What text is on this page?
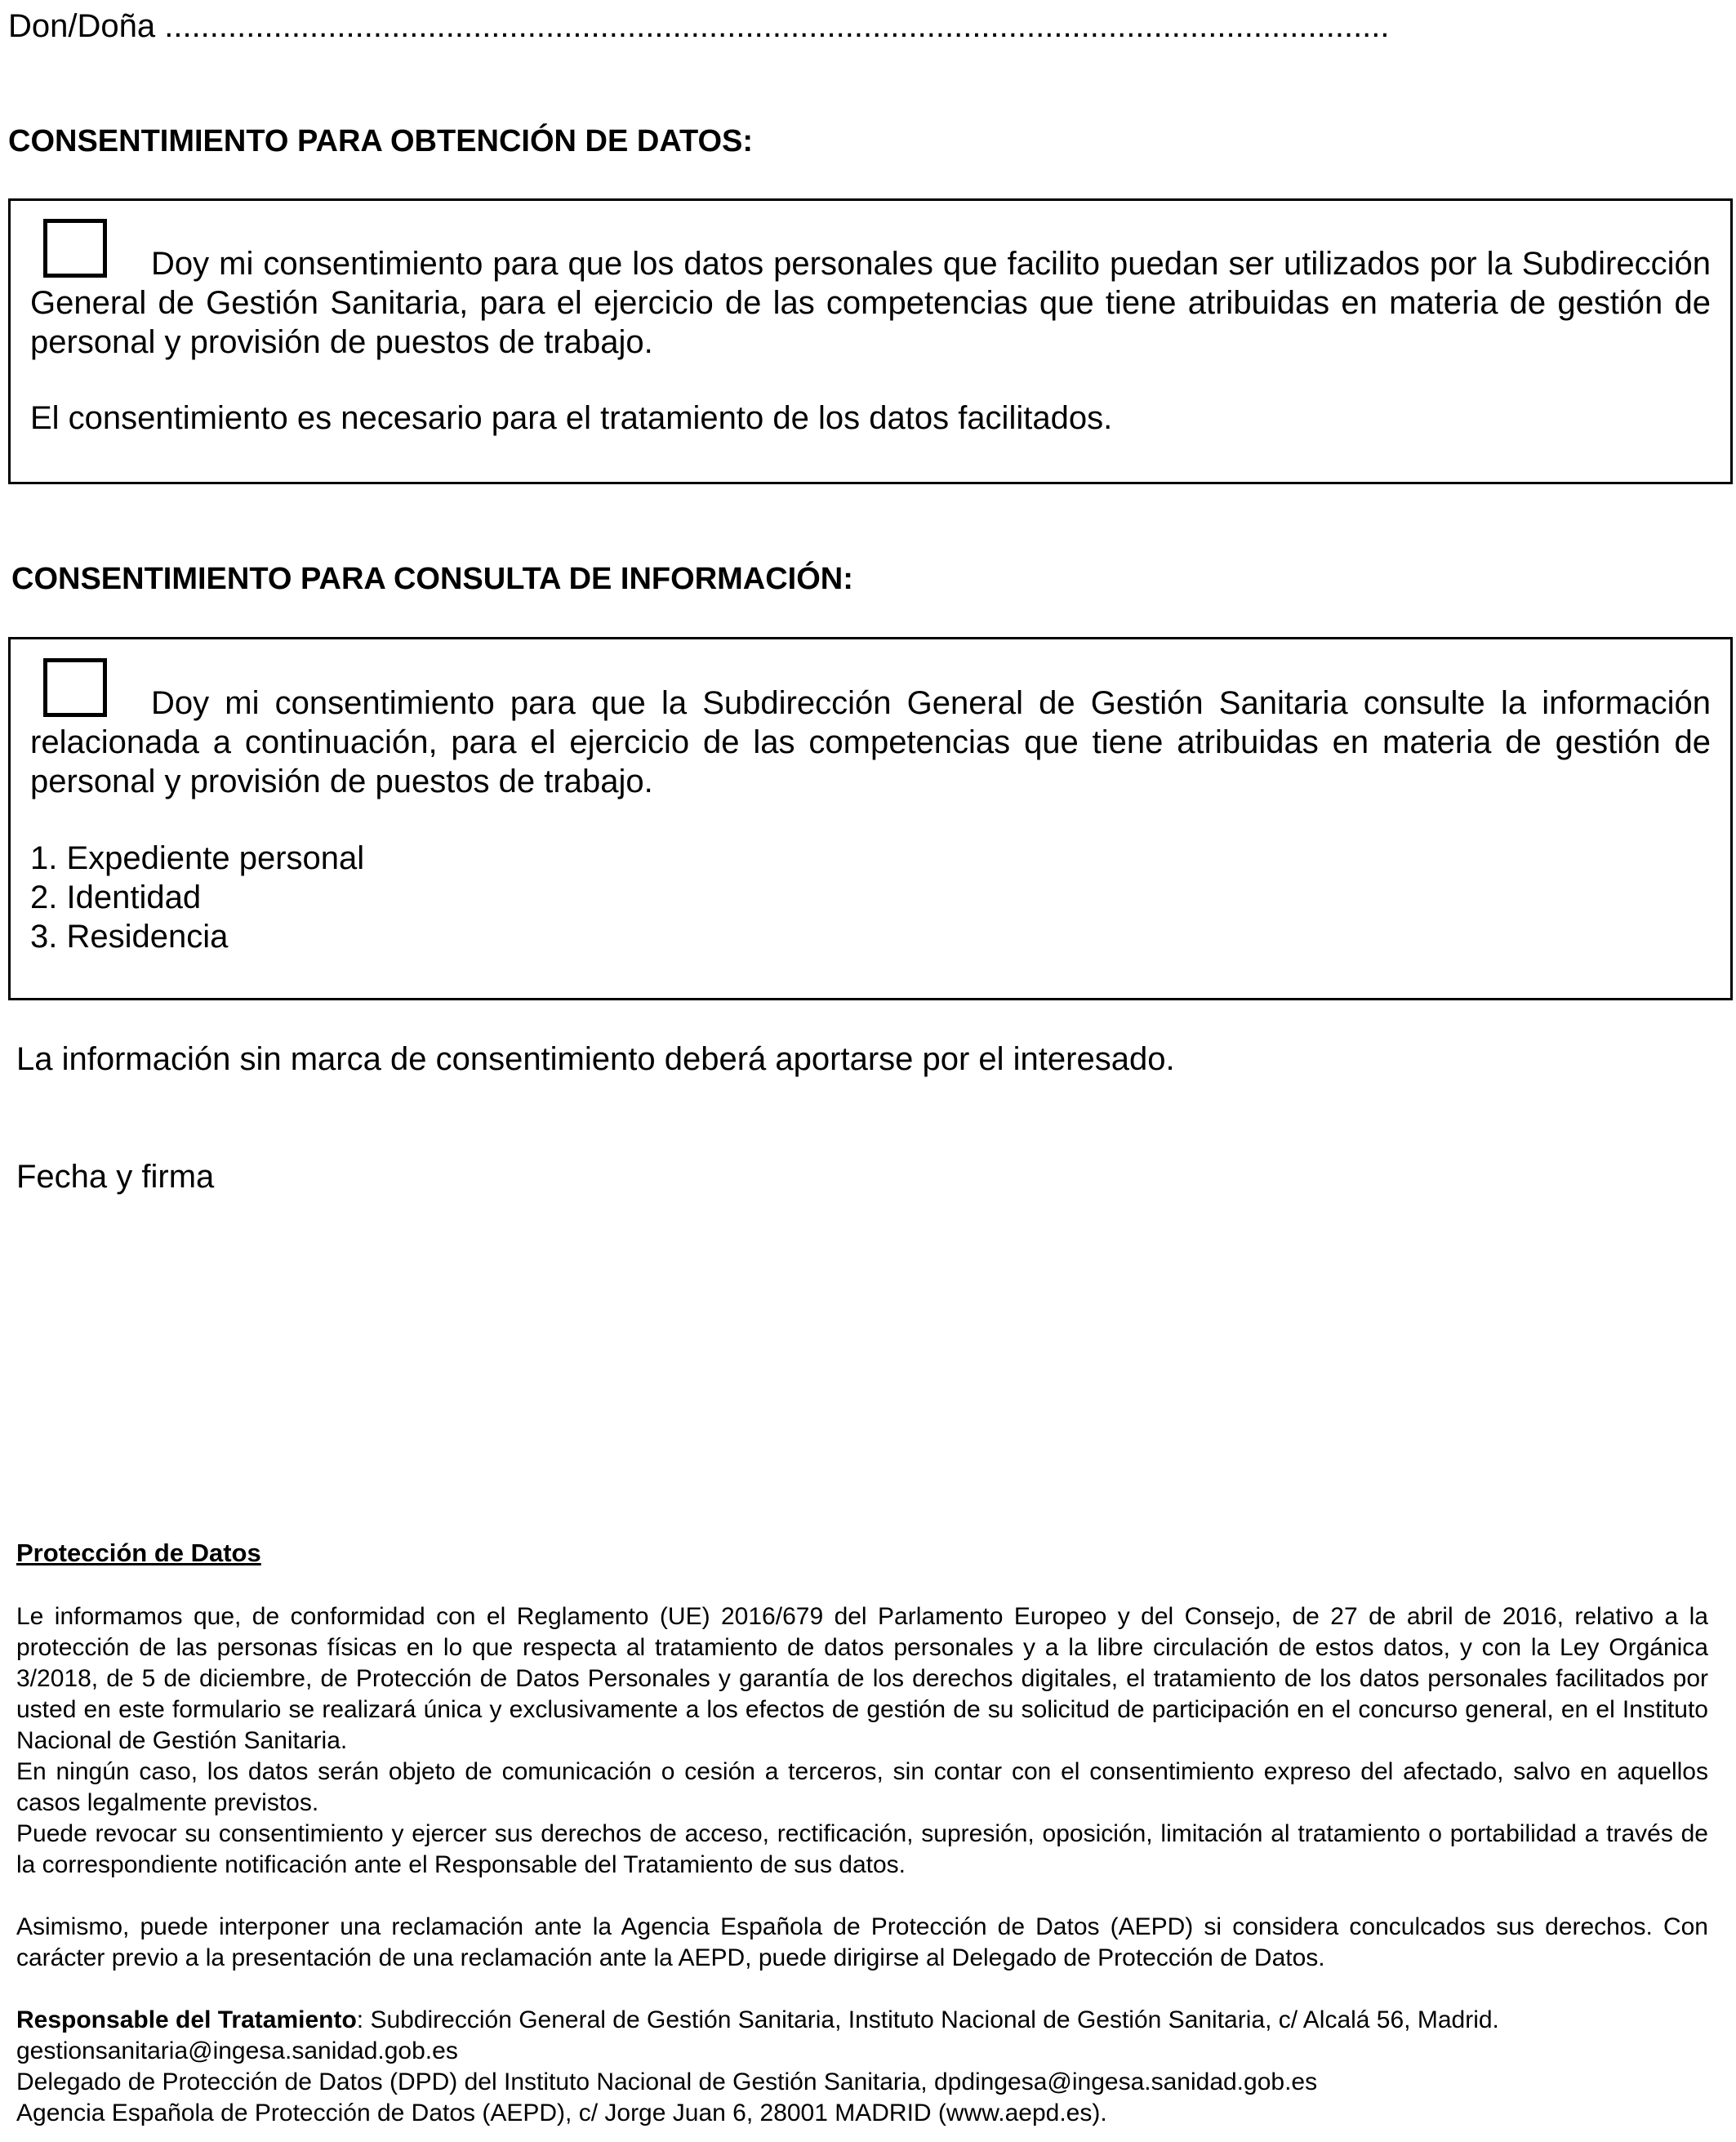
Don/Doña .......................................................................................................................................
CONSENTIMIENTO PARA OBTENCIÓN DE DATOS:
Doy mi consentimiento para que los datos personales que facilito puedan ser utilizados por la Subdirección General de Gestión Sanitaria, para el ejercicio de las competencias que tiene atribuidas en materia de gestión de personal y provisión de puestos de trabajo.
El consentimiento es necesario para el tratamiento de los datos facilitados.
CONSENTIMIENTO PARA CONSULTA DE INFORMACIÓN:
Doy mi consentimiento para que la Subdirección General de Gestión Sanitaria consulte la información relacionada a continuación, para el ejercicio de las competencias que tiene atribuidas en materia de gestión de personal y provisión de puestos de trabajo.
1. Expediente personal
2. Identidad
3. Residencia
La información sin marca de consentimiento deberá aportarse por el interesado.
Fecha y firma
Protección de Datos

Le informamos que, de conformidad con el Reglamento (UE) 2016/679 del Parlamento Europeo y del Consejo, de 27 de abril de 2016, relativo a la protección de las personas físicas en lo que respecta al tratamiento de datos personales y a la libre circulación de estos datos, y con la Ley Orgánica 3/2018, de 5 de diciembre, de Protección de Datos Personales y garantía de los derechos digitales, el tratamiento de los datos personales facilitados por usted en este formulario se realizará única y exclusivamente a los efectos de gestión de su solicitud de participación en el concurso general, en el Instituto Nacional de Gestión Sanitaria.

En ningún caso, los datos serán objeto de comunicación o cesión a terceros, sin contar con el consentimiento expreso del afectado, salvo en aquellos casos legalmente previstos.

Puede revocar su consentimiento y ejercer sus derechos de acceso, rectificación, supresión, oposición, limitación al tratamiento o portabilidad a través de la correspondiente notificación ante el Responsable del Tratamiento de sus datos.

Asimismo, puede interponer una reclamación ante la Agencia Española de Protección de Datos (AEPD) si considera conculcados sus derechos. Con carácter previo a la presentación de una reclamación ante la AEPD, puede dirigirse al Delegado de Protección de Datos.

Responsable del Tratamiento: Subdirección General de Gestión Sanitaria, Instituto Nacional de Gestión Sanitaria, c/ Alcalá 56, Madrid.

gestionsanitaria@ingesa.sanidad.gob.es

Delegado de Protección de Datos (DPD) del Instituto Nacional de Gestión Sanitaria, dpdingesa@ingesa.sanidad.gob.es

Agencia Española de Protección de Datos (AEPD), c/ Jorge Juan 6, 28001 MADRID (www.aepd.es).
